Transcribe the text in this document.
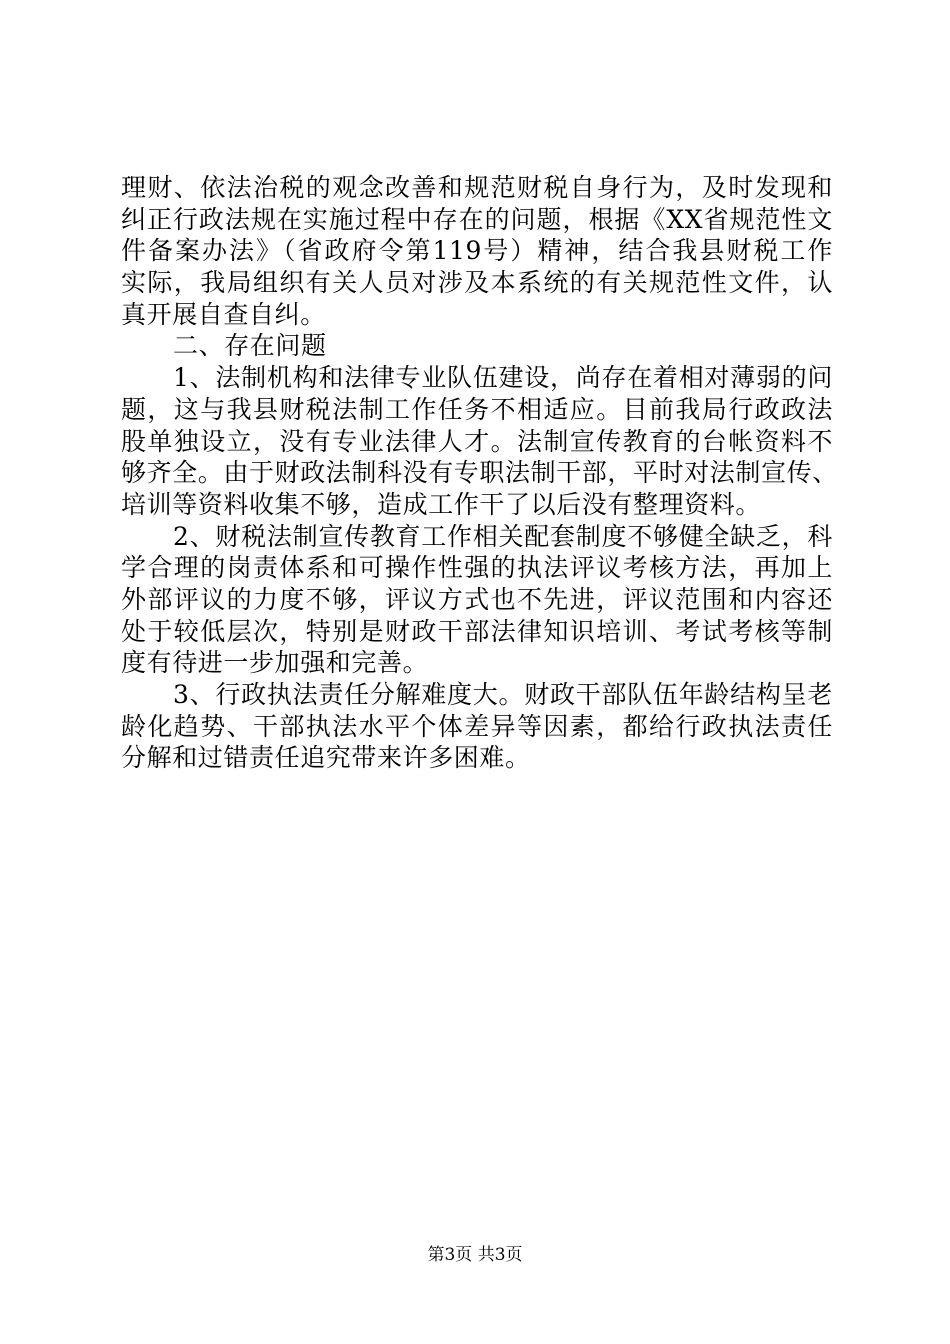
理财、依法治税的观念改善和规范财税自身行为，及时发现和
纠正行政法规在实施过程中存在的问题，根据《XX省规范性文
件备案办法》（省政府令第119号）精神，结合我县财税工作
实际，我局组织有关人员对涉及本系统的有关规范性文件，认
真开展自查自纠。
二、存在问题
1、法制机构和法律专业队伍建设，尚存在着相对薄弱的问
题，这与我县财税法制工作任务不相适应。目前我局行政政法
股单独设立，没有专业法律人才。法制宣传教育的台帐资料不
够齐全。由于财政法制科没有专职法制干部，平时对法制宣传、
培训等资料收集不够，造成工作干了以后没有整理资料。
2、财税法制宣传教育工作相关配套制度不够健全缺乏，科
学合理的岗责体系和可操作性强的执法评议考核方法，再加上
外部评议的力度不够，评议方式也不先进，评议范围和内容还
处于较低层次，特别是财政干部法律知识培训、考试考核等制
度有待进一步加强和完善。
3、行政执法责任分解难度大。财政干部队伍年龄结构呈老
龄化趋势、干部执法水平个体差异等因素，都给行政执法责任
分解和过错责任追究带来许多困难。
第3页 共3页
